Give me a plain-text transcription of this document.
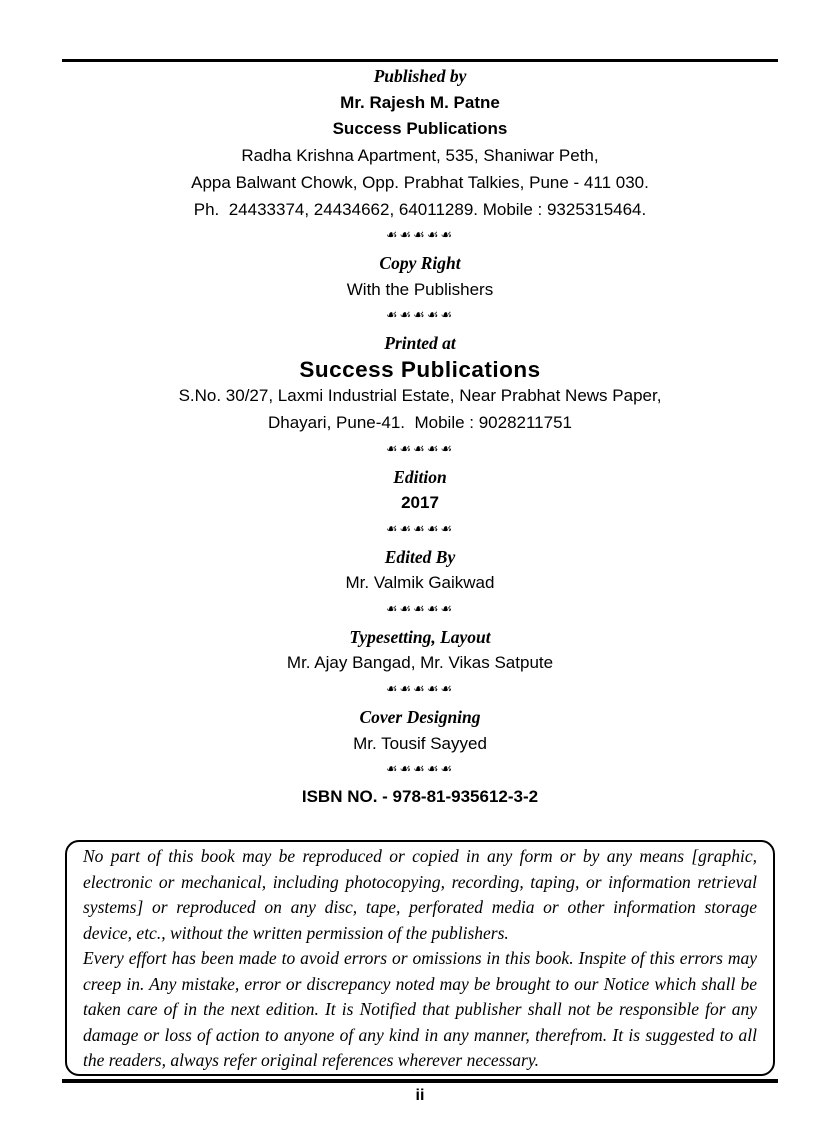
Published by
Mr. Rajesh M. Patne
Success Publications
Radha Krishna Apartment, 535, Shaniwar Peth,
Appa Balwant Chowk, Opp. Prabhat Talkies, Pune - 411 030.
Ph.  24433374, 24434662, 64011289. Mobile : 9325315464.
☙☙☙☙☙
Copy Right
With the Publishers
☙☙☙☙☙
Printed at
Success Publications
S.No. 30/27, Laxmi Industrial Estate, Near Prabhat News Paper,
Dhayari, Pune-41.  Mobile : 9028211751
☙☙☙☙☙
Edition
2017
☙☙☙☙☙
Edited By
Mr. Valmik Gaikwad
☙☙☙☙☙
Typesetting, Layout
Mr. Ajay Bangad, Mr. Vikas Satpute
☙☙☙☙☙
Cover Designing
Mr. Tousif Sayyed
☙☙☙☙☙
ISBN NO. - 978-81-935612-3-2

No part of this book may be reproduced or copied in any form or by any means [graphic, electronic or mechanical, including photocopying, recording, taping, or information retrieval systems] or reproduced on any disc, tape, perforated media or other information storage device, etc., without the written permission of the publishers.

Every effort has been made to avoid errors or omissions in this book. Inspite of this errors may creep in. Any mistake, error or discrepancy noted may be brought to our Notice which shall be taken care of in the next edition. It is Notified that publisher shall not be responsible for any damage or loss of action to anyone of any kind in any manner, therefrom. It is suggested to all the readers, always refer original references wherever necessary.

ii
